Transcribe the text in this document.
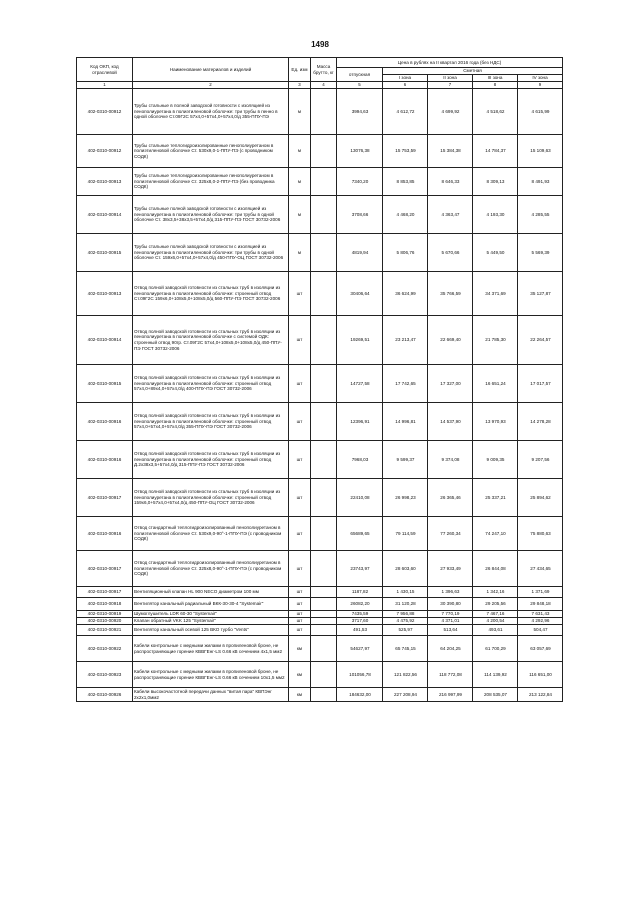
1498
Код ОКП, код отраслевой	Наименование материалов и изделий	Ед. изм	Масса брутто, кг	Цена в рублях на II квартал 2016 года (без НДС)				
				отпускная	Сметная			
					I зона	II зона	III зона	IV зона
1	2	3	4	5	6	7	8	9
402-0310-00912	Трубы стальные в полной заводской готовности с изоляцией из пенополиуретана в полиэтиленовой оболочке: три трубы в пенно в одной оболочке Ст.09Г2С 57х4,0+57х4,0+57х4,0/д 355-ППУ-ПЭ	м		3994,63	4 612,72	4 699,92	4 518,62	4 615,99
402-0310-00912	Трубы стальные теплогидроизолированные пенополиуретаном в полиэтиленовой оболочке Ст. 530х9,0-1-ППУ-ПЭ (с проводником СОДК)	м		13076,38	15 753,59	15 384,38	14 784,37	15 109,63
402-0310-00913	Трубы стальные теплогидроизолированные пенополиуретаном в полиэтиленовой оболочке Ст. 325х8,0-2-ППУ-ПЭ (без проводника СОДК)	м		7340,20	8 853,85	8 646,33	8 309,13	8 491,93
402-0310-00914	Трубы стальные полной заводской готовности с изоляцией из пенополиуретана в полиэтиленовой оболочке: три трубы в одной оболочке Ст. 38х3,5+38х3,5+57х4,0/д 315-ППУ-ПЭ ГОСТ 30732-2006	м		3708,66	4 468,20	4 363,47	4 193,30	4 285,55
402-0310-00915	Трубы стальные полной заводской готовности с изоляцией из пенополиуретана в полиэтиленовой оболочке: три трубы в одной оболочке Ст. 159х6,0+57х4,0+57х4,0/д 450-ППУ-ОЦ ГОСТ 30732-2006	м		4819,94	5 806,76	5 670,66	5 449,50	5 569,39
402-0310-00913	Отвод полной заводской готовности из стальных труб в изоляции из пенополиуретана в полиэтиленовой оболочке: строенный отвод Ст.09Г2С 159х6,0+108х5,0+108х5,0/д 560-ППУ-ПЭ ГОСТ 30732-2006	шт		30406,64	36 624,99	35 766,59	34 371,69	35 127,87
402-0310-00914	Отвод полной заводской готовности из стальных труб в изоляции из пенополиуретана в полиэтиленовой оболочке с системой ОДК: строенный отвод 90гр. Ст.09Г2С 57х4,0+108х5,0+108х5,0/д 450-ППУ-ПЭ ГОСТ 30732-2006	шт		19269,51	23 213,47	22 669,40	21 785,30	22 264,57
402-0310-00915	Отвод полной заводской готовности из стальных труб в изоляции из пенополиуретана в полиэтиленовой оболочке: строенный отвод 57х4,0+89х4,0+57х4,0/д 400-ППУ-ПЭ ГОСТ 30732-2006	шт		14727,58	17 742,65	17 327,00	16 651,24	17 017,57
402-0310-00916	Отвод полной заводской готовности из стальных труб в изоляции из пенополиуретана в полиэтиленовой оболочке: строенный отвод 57х4,0+57х4,0+57х4,0/д 355-ППУ-ПЭ ГОСТ 30732-2006	шт		12396,91	14 996,81	14 537,90	13 970,93	14 278,28
402-0310-00916	Отвод полной заводской готовности из стальных труб в изоляции из пенополиуретана в полиэтиленовой оболочке: строенный отвод Д.2х38х3,5+57х4,0/д 315-ППУ-ПЭ ГОСТ 30732-2006	шт		7968,03	9 599,37	9 374,08	9 009,35	9 207,56
402-0310-00917	Отвод полной заводской готовности из стальных труб в изоляции из пенополиуретана в полиэтиленовой оболочке: строенный отвод 159х6,0+57х4,0+57х4,0/д 450-ППУ-ОЦ ГОСТ 30732-2006	шт		22410,08	26 998,23	26 365,46	25 337,21	25 894,62
402-0310-00916	Отвод стандартный теплогидроизолированный пенополиуретаном в полиэтиленовой оболочке Ст. 530х9,0-90°-1-ППУ-ПЭ (с проводником СОДК)	шт		65689,65	79 114,59	77 260,34	74 247,10	75 880,63
402-0310-00917	Отвод стандартный теплогидроизолированный пенополиуретаном в полиэтиленовой оболочке Ст. 325х8,0-90°-1-ППУ-ПЭ (с проводником СОДК)	шт		23743,97	28 603,60	27 933,49	26 844,08	27 434,65
402-0310-00917	Вентиляционный клапан НL 900 NECO диаметром 100 мм	шт		1187,82	1 430,15	1 396,63	1 342,16	1 371,69
402-0310-00918	Вентилятор канальный радиальный ВКК-30-30-4 "Systemair"	шт		26082,20	31 120,28	30 390,80	29 205,56	29 848,18
402-0310-00919	Шумоглушитель LDR 60-30 "Systemair"	шт		7435,59	7 956,88	7 770,19	7 467,16	7 631,43
402-0310-00920	Клапан обратный VKK 125 "Systemair"	шт		3717,60	4 475,92	4 371,01	4 200,54	4 292,96
402-0310-00921	Вентилятор канальный осевой 125 ВКО турбо "Vents"	шт		491,53	525,97	513,64	493,61	504,47
402-0310-00922	Кабели контрольные с медными жилами в пропиленовой броне, не распространяющие горение КВВГЕнг-LS 0.66 кВ сечением 4х1,5 мм2	км		54627,97	65 745,15	64 204,25	61 700,29	63 057,69
402-0310-00923	Кабели контрольные с медными жилами в пропиленовой броне, не распространяющие горение КВВГЕнг-LS 0.66 кВ сечением 10х1,5 мм2	км		101056,78	121 822,56	118 772,08	114 139,92	116 651,00
402-0310-00926	Кабели высокочастотной передачи данных "витая пара" КВПЭнг 2х2х1,0мм2	км		184632,00	227 208,94	216 997,99	208 535,07	213 122,84
